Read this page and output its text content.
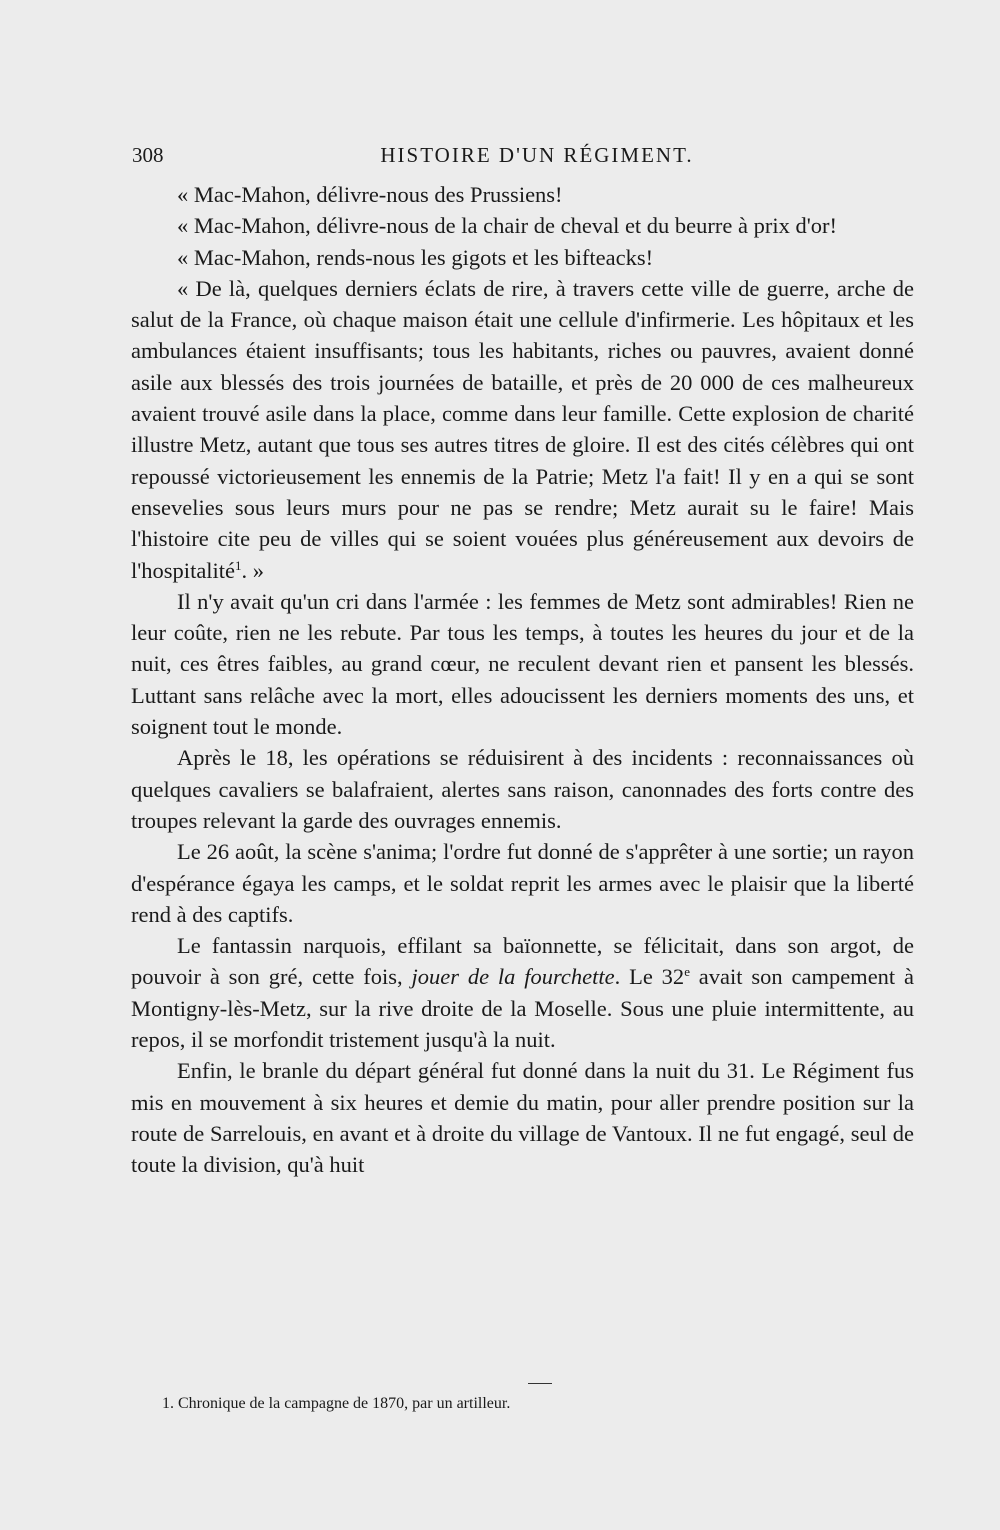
308	HISTOIRE D'UN RÉGIMENT.

« Mac-Mahon, délivre-nous des Prussiens!

« Mac-Mahon, délivre-nous de la chair de cheval et du beurre à prix d'or!

« Mac-Mahon, rends-nous les gigots et les bifteacks!

« De là, quelques derniers éclats de rire, à travers cette ville de guerre, arche de salut de la France, où chaque maison était une cellule d'infirmerie. Les hôpitaux et les ambulances étaient insuffisants; tous les habitants, riches ou pauvres, avaient donné asile aux blessés des trois journées de bataille, et près de 20 000 de ces malheureux avaient trouvé asile dans la place, comme dans leur famille. Cette explosion de charité illustre Metz, autant que tous ses autres titres de gloire. Il est des cités célèbres qui ont repoussé victorieusement les ennemis de la Patrie; Metz l'a fait! Il y en a qui se sont ensevelies sous leurs murs pour ne pas se rendre; Metz aurait su le faire! Mais l'histoire cite peu de villes qui se soient vouées plus généreusement aux devoirs de l'hospitalité$^1$. »

Il n'y avait qu'un cri dans l'armée : les femmes de Metz sont admirables! Rien ne leur coûte, rien ne les rebute. Par tous les temps, à toutes les heures du jour et de la nuit, ces êtres faibles, au grand cœur, ne reculent devant rien et pansent les blessés. Luttant sans relâche avec la mort, elles adoucissent les derniers moments des uns, et soignent tout le monde.

Après le 18, les opérations se réduisirent à des incidents : reconnaissances où quelques cavaliers se balafraient, alertes sans raison, canonnades des forts contre des troupes relevant la garde des ouvrages ennemis.

Le 26 août, la scène s'anima; l'ordre fut donné de s'apprêter à une sortie; un rayon d'espérance égaya les camps, et le soldat reprit les armes avec le plaisir que la liberté rend à des captifs.

Le fantassin narquois, effilant sa baïonnette, se félicitait, dans son argot, de pouvoir à son gré, cette fois, jouer de la fourchette. Le 32e avait son campement à Montigny-lès-Metz, sur la rive droite de la Moselle. Sous une pluie intermittente, au repos, il se morfondit tristement jusqu'à la nuit.

Enfin, le branle du départ général fut donné dans la nuit du 31. Le Régiment fus mis en mouvement à six heures et demie du matin, pour aller prendre position sur la route de Sarrelouis, en avant et à droite du village de Vantoux. Il ne fut engagé, seul de toute la division, qu'à huit

1. Chronique de la campagne de 1870, par un artilleur.
